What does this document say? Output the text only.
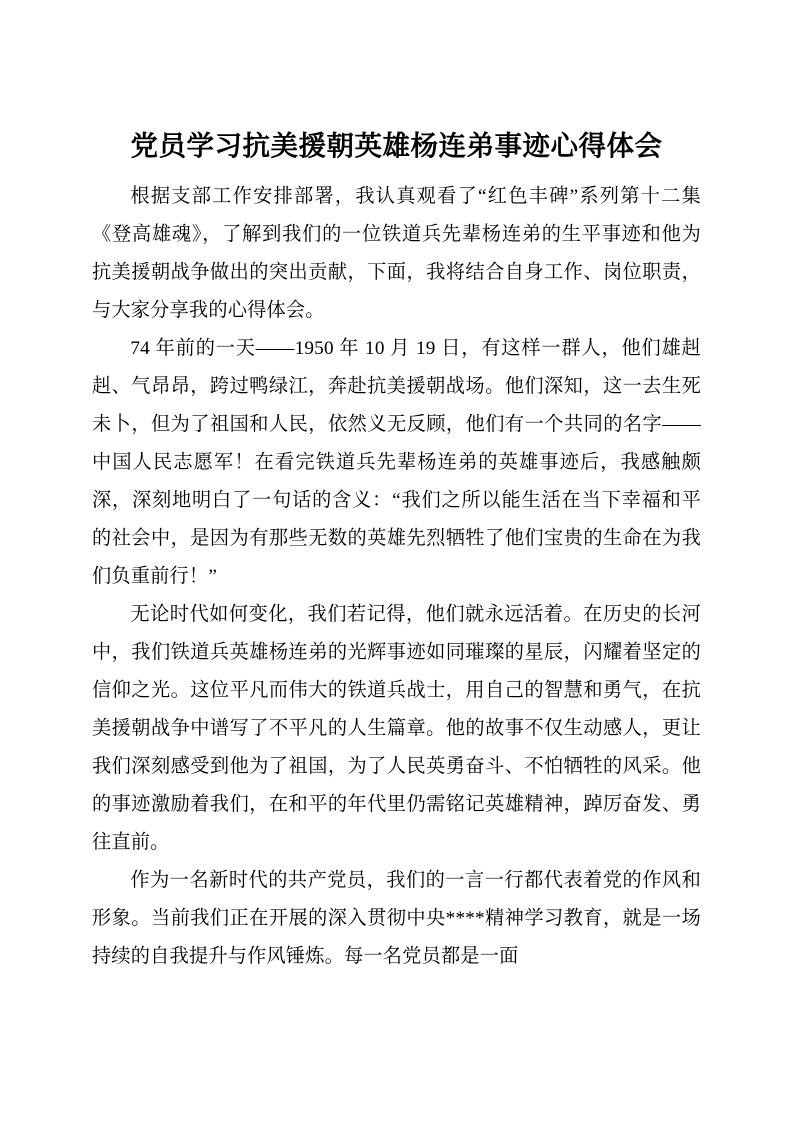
党员学习抗美援朝英雄杨连弟事迹心得体会

根据支部工作安排部署，我认真观看了“红色丰碑”系列第十二集《登高雄魂》，了解到我们的一位铁道兵先辈杨连弟的生平事迹和他为抗美援朝战争做出的突出贡献，下面，我将结合自身工作、岗位职责，与大家分享我的心得体会。

74 年前的一天——1950 年 10 月 19 日，有这样一群人，他们雄赳赳、气昂昂，跨过鸭绿江，奔赴抗美援朝战场。他们深知，这一去生死未卜，但为了祖国和人民，依然义无反顾，他们有一个共同的名字——中国人民志愿军！在看完铁道兵先辈杨连弟的英雄事迹后，我感触颇深，深刻地明白了一句话的含义：“我们之所以能生活在当下幸福和平的社会中，是因为有那些无数的英雄先烈牺牲了他们宝贵的生命在为我们负重前行！”

无论时代如何变化，我们若记得，他们就永远活着。在历史的长河中，我们铁道兵英雄杨连弟的光辉事迹如同璀璨的星辰，闪耀着坚定的信仰之光。这位平凡而伟大的铁道兵战士，用自己的智慧和勇气，在抗美援朝战争中谱写了不平凡的人生篇章。他的故事不仅生动感人，更让我们深刻感受到他为了祖国，为了人民英勇奋斗、不怕牺牲的风采。他的事迹激励着我们，在和平的年代里仍需铭记英雄精神，踔厉奋发、勇往直前。

作为一名新时代的共产党员，我们的一言一行都代表着党的作风和形象。当前我们正在开展的深入贯彻中央****精神学习教育，就是一场持续的自我提升与作风锤炼。每一名党员都是一面
